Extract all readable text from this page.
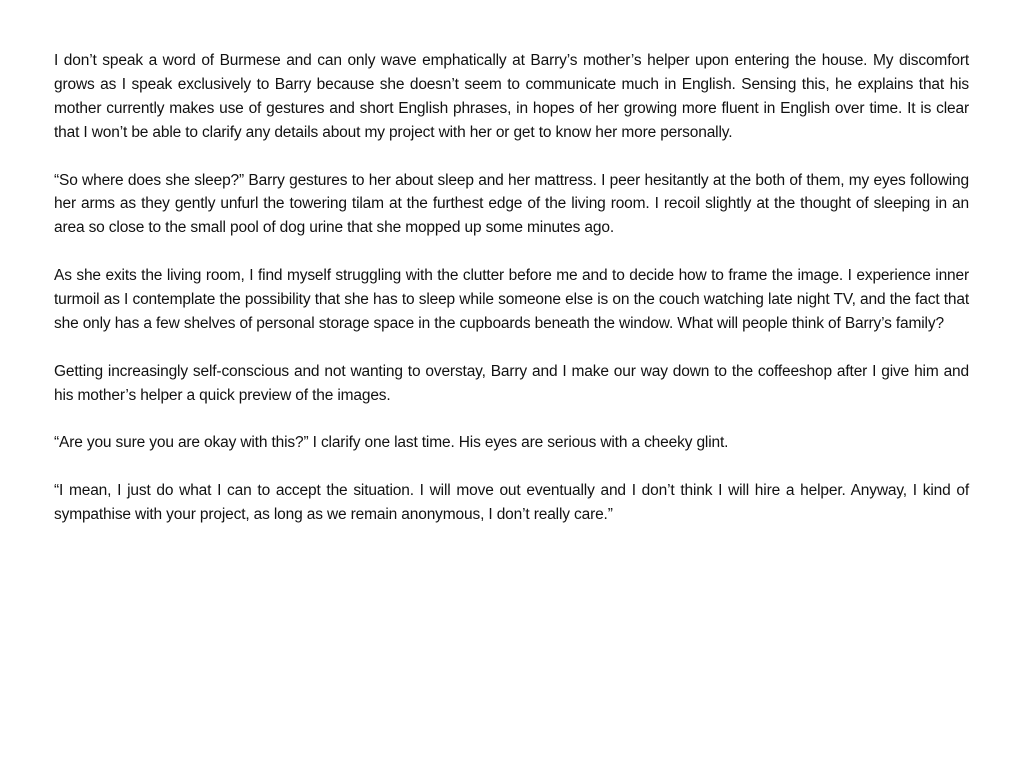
I don’t speak a word of Burmese and can only wave emphatically at Barry’s mother’s helper upon entering the house. My discomfort grows as I speak exclusively to Barry because she doesn’t seem to communicate much in English. Sensing this, he explains that his mother currently makes use of gestures and short English phrases, in hopes of her growing more fluent in English over time. It is clear that I won’t be able to clarify any details about my project with her or get to know her more personally.

“So where does she sleep?” Barry gestures to her about sleep and her mattress. I peer hesitantly at the both of them, my eyes following her arms as they gently unfurl the towering tilam at the furthest edge of the living room. I recoil slightly at the thought of sleeping in an area so close to the small pool of dog urine that she mopped up some minutes ago.

As she exits the living room, I find myself struggling with the clutter before me and to decide how to frame the image. I experience inner turmoil as I contemplate the possibility that she has to sleep while someone else is on the couch watching late night TV, and the fact that she only has a few shelves of personal storage space in the cupboards beneath the window. What will people think of Barry’s family?

Getting increasingly self-conscious and not wanting to overstay, Barry and I make our way down to the coffeeshop after I give him and his mother’s helper a quick preview of the images.

“Are you sure you are okay with this?” I clarify one last time. His eyes are serious with a cheeky glint.

“I mean, I just do what I can to accept the situation. I will move out eventually and I don’t think I will hire a helper. Anyway, I kind of sympathise with your project, as long as we remain anonymous, I don’t really care.”
